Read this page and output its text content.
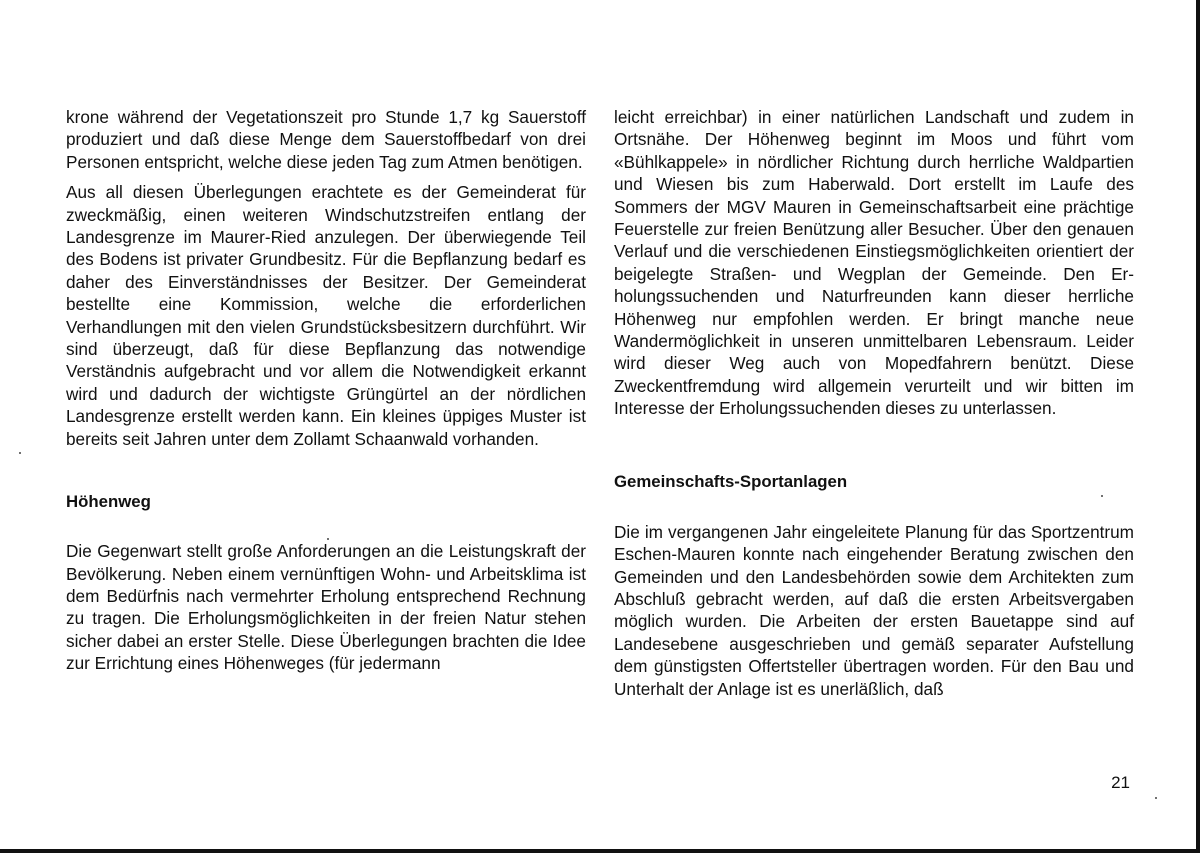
krone während der Vegetationszeit pro Stunde 1,7 kg Sauerstoff produziert und daß diese Menge dem Sauerstoffbedarf von drei Personen entspricht, welche diese jeden Tag zum Atmen benötigen.

Aus all diesen Überlegungen erachtete es der Gemeinderat für zweckmäßig, einen weiteren Windschutzstreifen entlang der Landesgrenze im Maurer-Ried anzulegen. Der überwiegende Teil des Bodens ist privater Grundbesitz. Für die Bepflanzung bedarf es daher des Einverständnisses der Besitzer. Der Gemeinderat bestellte eine Kommission, welche die erforderlichen Verhandlungen mit den vielen Grundstücksbesitzern durchführt. Wir sind überzeugt, daß für diese Bepflanzung das notwendige Verständnis aufgebracht und vor allem die Notwendigkeit erkannt wird und dadurch der wichtigste Grüngürtel an der nördlichen Landesgrenze erstellt werden kann. Ein kleines üppiges Muster ist bereits seit Jahren unter dem Zollamt Schaanwald vorhanden.

Höhenweg

Die Gegenwart stellt große Anforderungen an die Leistungskraft der Bevölkerung. Neben einem vernünftigen Wohn- und Arbeitsklima ist dem Bedürfnis nach vermehrter Erholung entsprechend Rechnung zu tragen. Die Erholungsmöglichkeiten in der freien Natur stehen sicher dabei an erster Stelle. Diese Überlegungen brachten die Idee zur Errichtung eines Höhenweges (für jedermann

leicht erreichbar) in einer natürlichen Landschaft und zudem in Ortsnähe. Der Höhenweg beginnt im Moos und führt vom «Bühlkappele» in nördlicher Richtung durch herrliche Waldpartien und Wiesen bis zum Haberwald. Dort erstellt im Laufe des Sommers der MGV Mauren in Gemeinschaftsarbeit eine prächtige Feuerstelle zur freien Benützung aller Besucher. Über den genauen Verlauf und die verschiedenen Einstiegsmöglichkeiten orientiert der beigelegte Straßen- und Wegplan der Gemeinde. Den Erholungssuchenden und Naturfreunden kann dieser herrliche Höhenweg nur empfohlen werden. Er bringt manche neue Wandermöglichkeit in unseren unmittelbaren Lebensraum. Leider wird dieser Weg auch von Mopedfahrern benützt. Diese Zweckentfremdung wird allgemein verurteilt und wir bitten im Interesse der Erholungssuchenden dieses zu unterlassen.

Gemeinschafts-Sportanlagen

Die im vergangenen Jahr eingeleitete Planung für das Sportzentrum Eschen-Mauren konnte nach eingehender Beratung zwischen den Gemeinden und den Landesbehörden sowie dem Architekten zum Abschluß gebracht werden, auf daß die ersten Arbeitsvergaben möglich wurden. Die Arbeiten der ersten Bauetappe sind auf Landesebene ausgeschrieben und gemäß separater Aufstellung dem günstigsten Offertsteller übertragen worden. Für den Bau und Unterhalt der Anlage ist es unerläßlich, daß

21
